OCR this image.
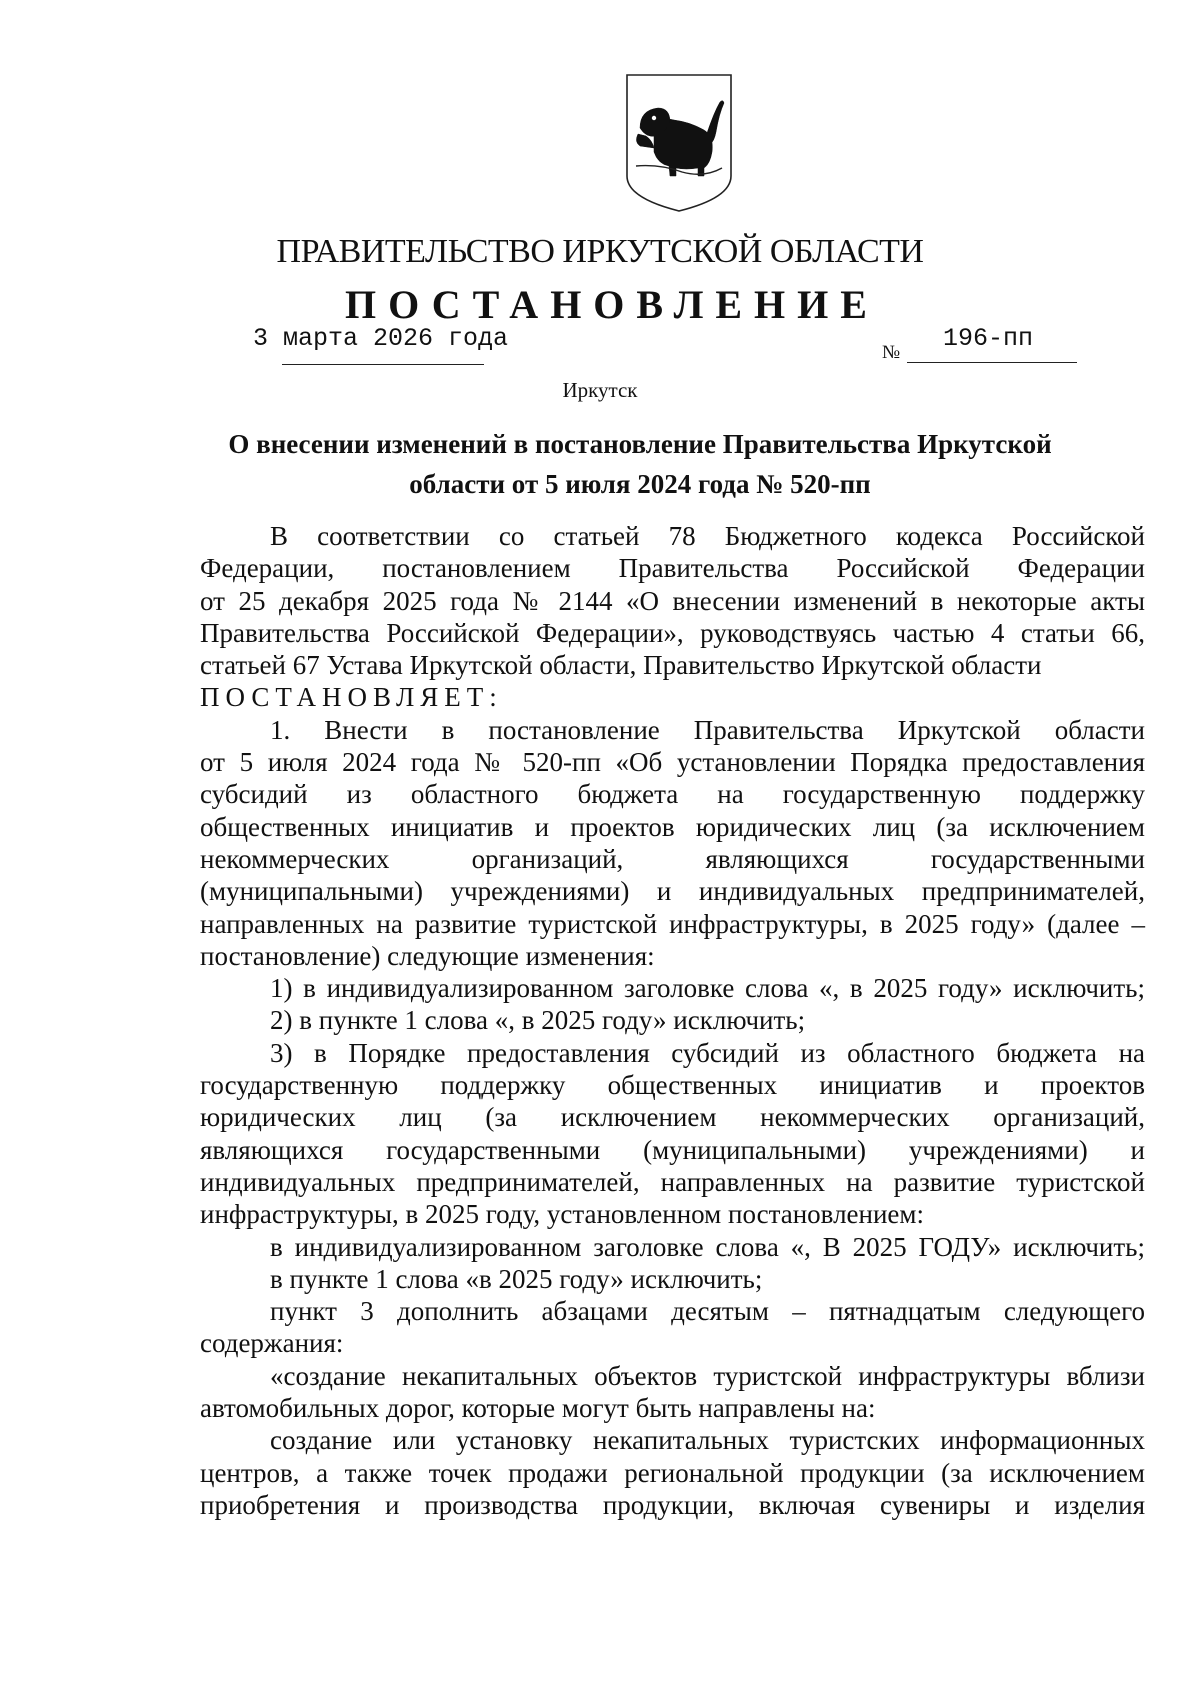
ПРАВИТЕЛЬСТВО ИРКУТСКОЙ ОБЛАСТИ
ПОСТАНОВЛЕНИЕ
3 марта 2026 года	№ 196-пп
Иркутск
О внесении изменений в постановление Правительства Иркутской
области от 5 июля 2024 года № 520-пп

В соответствии со статьей 78 Бюджетного кодекса Российской

Федерации, постановлением Правительства Российской Федерации

от 25 декабря 2025 года № 2144 «О внесении изменений в некоторые акты

Правительства Российской Федерации», руководствуясь частью 4 статьи 66,

статьей 67 Устава Иркутской области, Правительство Иркутской области

ПОСТАНОВЛЯЕТ:

1. Внести в постановление Правительства Иркутской области

от 5 июля 2024 года № 520-пп «Об установлении Порядка предоставления

субсидий из областного бюджета на государственную поддержку

общественных инициатив и проектов юридических лиц (за исключением

некоммерческих организаций, являющихся государственными

(муниципальными) учреждениями) и индивидуальных предпринимателей,

направленных на развитие туристской инфраструктуры, в 2025 году» (далее –

постановление) следующие изменения:

1) в индивидуализированном заголовке слова «, в 2025 году» исключить;

2) в пункте 1 слова «, в 2025 году» исключить;

3) в Порядке предоставления субсидий из областного бюджета на

государственную поддержку общественных инициатив и проектов

юридических лиц (за исключением некоммерческих организаций,

являющихся государственными (муниципальными) учреждениями) и

индивидуальных предпринимателей, направленных на развитие туристской

инфраструктуры, в 2025 году, установленном постановлением:

в индивидуализированном заголовке слова «, В 2025 ГОДУ» исключить;

в пункте 1 слова «в 2025 году» исключить;

пункт 3 дополнить абзацами десятым – пятнадцатым следующего

содержания:

«создание некапитальных объектов туристской инфраструктуры вблизи

автомобильных дорог, которые могут быть направлены на:

создание или установку некапитальных туристских информационных

центров, а также точек продажи региональной продукции (за исключением

приобретения и производства продукции, включая сувениры и изделия
